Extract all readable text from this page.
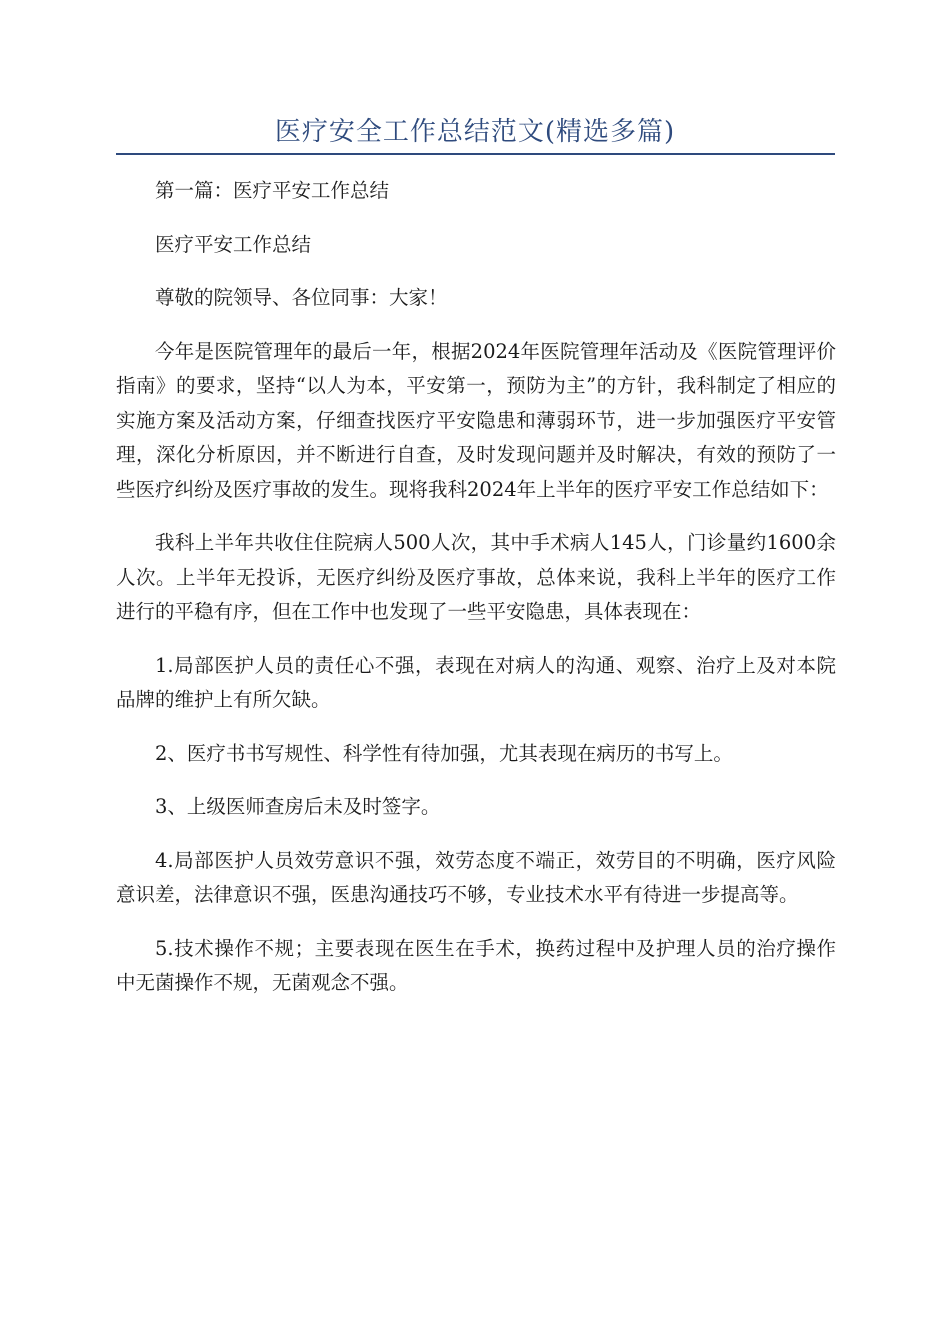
医疗安全工作总结范文(精选多篇)

第一篇：医疗平安工作总结

医疗平安工作总结

尊敬的院领导、各位同事：大家！

今年是医院管理年的最后一年，根据2024年医院管理年活动及《医院管理评价指南》的要求，坚持“以人为本，平安第一，预防为主”的方针，我科制定了相应的实施方案及活动方案，仔细查找医疗平安隐患和薄弱环节，进一步加强医疗平安管理，深化分析原因，并不断进行自查，及时发现问题并及时解决，有效的预防了一些医疗纠纷及医疗事故的发生。现将我科2024年上半年的医疗平安工作总结如下：

我科上半年共收住住院病人500人次，其中手术病人145人，门诊量约1600余人次。上半年无投诉，无医疗纠纷及医疗事故，总体来说，我科上半年的医疗工作进行的平稳有序，但在工作中也发现了一些平安隐患，具体表现在：

1.局部医护人员的责任心不强，表现在对病人的沟通、观察、治疗上及对本院品牌的维护上有所欠缺。

2、医疗书书写规性、科学性有待加强，尤其表现在病历的书写上。

3、上级医师查房后未及时签字。

4.局部医护人员效劳意识不强，效劳态度不端正，效劳目的不明确，医疗风险意识差，法律意识不强，医患沟通技巧不够，专业技术水平有待进一步提高等。

5.技术操作不规；主要表现在医生在手术，换药过程中及护理人员的治疗操作中无菌操作不规，无菌观念不强。
